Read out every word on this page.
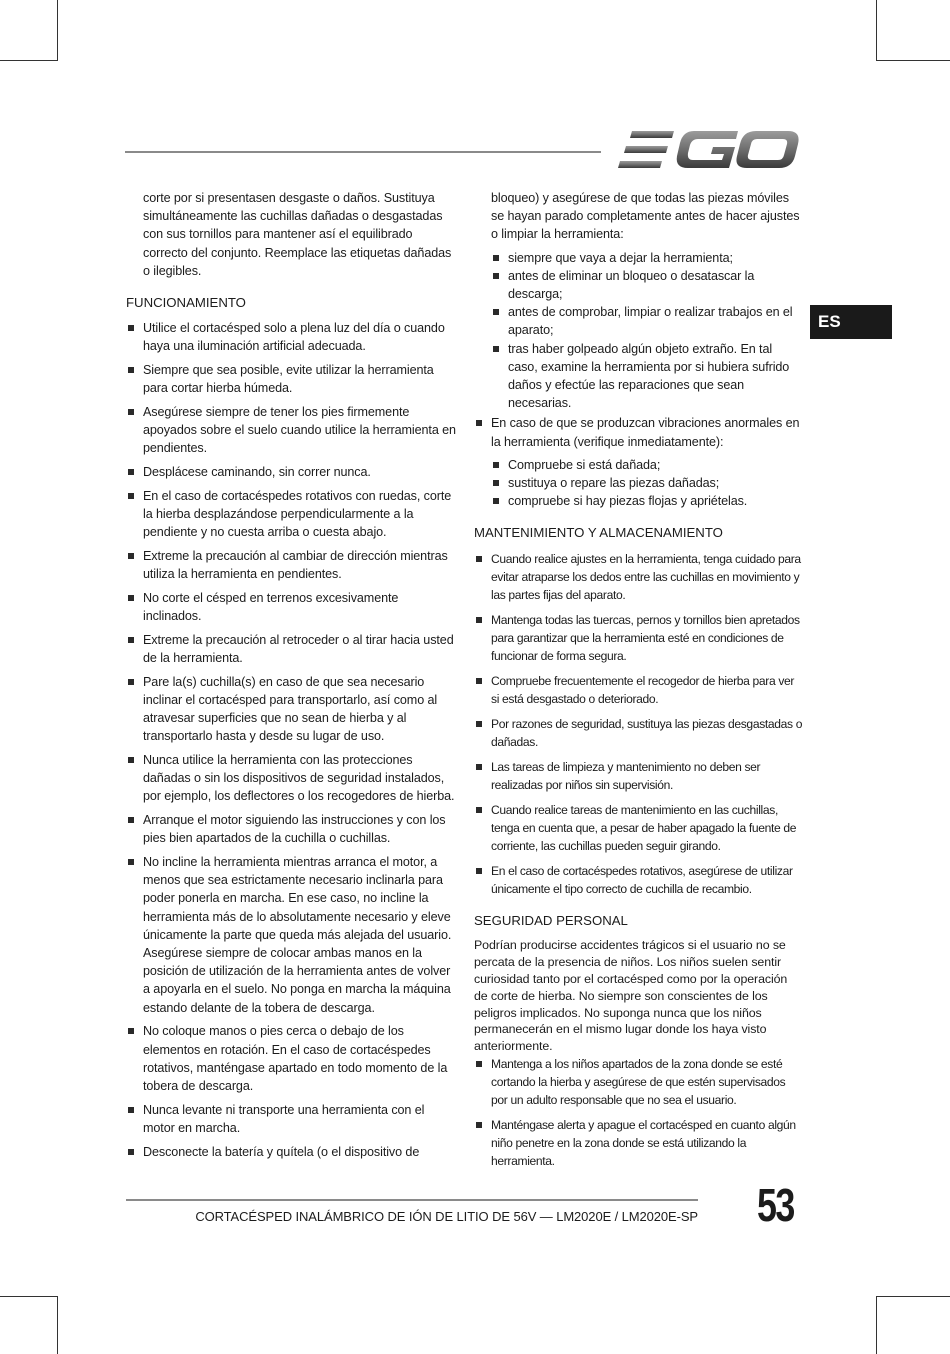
ES

corte por si presentasen desgaste o daños. Sustituya simultáneamente las cuchillas dañadas o desgastadas con sus tornillos para mantener así el equilibrado correcto del conjunto. Reemplace las etiquetas dañadas o ilegibles.

FUNCIONAMIENTO
Utilice el cortacésped solo a plena luz del día o cuando haya una iluminación artificial adecuada.
Siempre que sea posible, evite utilizar la herramienta para cortar hierba húmeda.
Asegúrese siempre de tener los pies firmemente apoyados sobre el suelo cuando utilice la herramienta en pendientes.
Desplácese caminando, sin correr nunca.
En el caso de cortacéspedes rotativos con ruedas, corte la hierba desplazándose perpendicularmente a la pendiente y no cuesta arriba o cuesta abajo.
Extreme la precaución al cambiar de dirección mientras utiliza la herramienta en pendientes.
No corte el césped en terrenos excesivamente inclinados.
Extreme la precaución al retroceder o al tirar hacia usted de la herramienta.
Pare la(s) cuchilla(s) en caso de que sea necesario inclinar el cortacésped para transportarlo, así como al atravesar superficies que no sean de hierba y al transportarlo hasta y desde su lugar de uso.
Nunca utilice la herramienta con las protecciones dañadas o sin los dispositivos de seguridad instalados, por ejemplo, los deflectores o los recogedores de hierba.
Arranque el motor siguiendo las instrucciones y con los pies bien apartados de la cuchilla o cuchillas.
No incline la herramienta mientras arranca el motor, a menos que sea estrictamente necesario inclinarla para poder ponerla en marcha. En ese caso, no incline la herramienta más de lo absolutamente necesario y eleve únicamente la parte que queda más alejada del usuario. Asegúrese siempre de colocar ambas manos en la posición de utilización de la herramienta antes de volver a apoyarla en el suelo. No ponga en marcha la máquina estando delante de la tobera de descarga.
No coloque manos o pies cerca o debajo de los elementos en rotación. En el caso de cortacéspedes rotativos, manténgase apartado en todo momento de la tobera de descarga.
Nunca levante ni transporte una herramienta con el motor en marcha.
Desconecte la batería y quítela (o el dispositivo de

bloqueo) y asegúrese de que todas las piezas móviles se hayan parado completamente antes de hacer ajustes o limpiar la herramienta:

siempre que vaya a dejar la herramienta;
antes de eliminar un bloqueo o desatascar la descarga;
antes de comprobar, limpiar o realizar trabajos en el aparato;
tras haber golpeado algún objeto extraño. En tal caso, examine la herramienta por si hubiera sufrido daños y efectúe las reparaciones que sean necesarias.
En caso de que se produzcan vibraciones anormales en la herramienta (verifique inmediatamente):
Compruebe si está dañada;
sustituya o repare las piezas dañadas;
compruebe si hay piezas flojas y apriételas.
MANTENIMIENTO Y ALMACENAMIENTO
Cuando realice ajustes en la herramienta, tenga cuidado para evitar atraparse los dedos entre las cuchillas en movimiento y las partes fijas del aparato.
Mantenga todas las tuercas, pernos y tornillos bien apretados para garantizar que la herramienta esté en condiciones de funcionar de forma segura.
Compruebe frecuentemente el recogedor de hierba para ver si está desgastado o deteriorado.
Por razones de seguridad, sustituya las piezas desgastadas o dañadas.
Las tareas de limpieza y mantenimiento no deben ser realizadas por niños sin supervisión.
Cuando realice tareas de mantenimiento en las cuchillas, tenga en cuenta que, a pesar de haber apagado la fuente de corriente, las cuchillas pueden seguir girando.
En el caso de cortacéspedes rotativos, asegúrese de utilizar únicamente el tipo correcto de cuchilla de recambio.
SEGURIDAD PERSONAL

Podrían producirse accidentes trágicos si el usuario no se percata de la presencia de niños. Los niños suelen sentir curiosidad tanto por el cortacésped como por la operación de corte de hierba. No siempre son conscientes de los peligros implicados. No suponga nunca que los niños permanecerán en el mismo lugar donde los haya visto anteriormente.

Mantenga a los niños apartados de la zona donde se esté cortando la hierba y asegúrese de que estén supervisados por un adulto responsable que no sea el usuario.
Manténgase alerta y apague el cortacésped en cuanto algún niño penetre en la zona donde se está utilizando la herramienta.
CORTACÉSPED INALÁMBRICO DE IÓN DE LITIO DE 56V — LM2020E / LM2020E-SP 53
